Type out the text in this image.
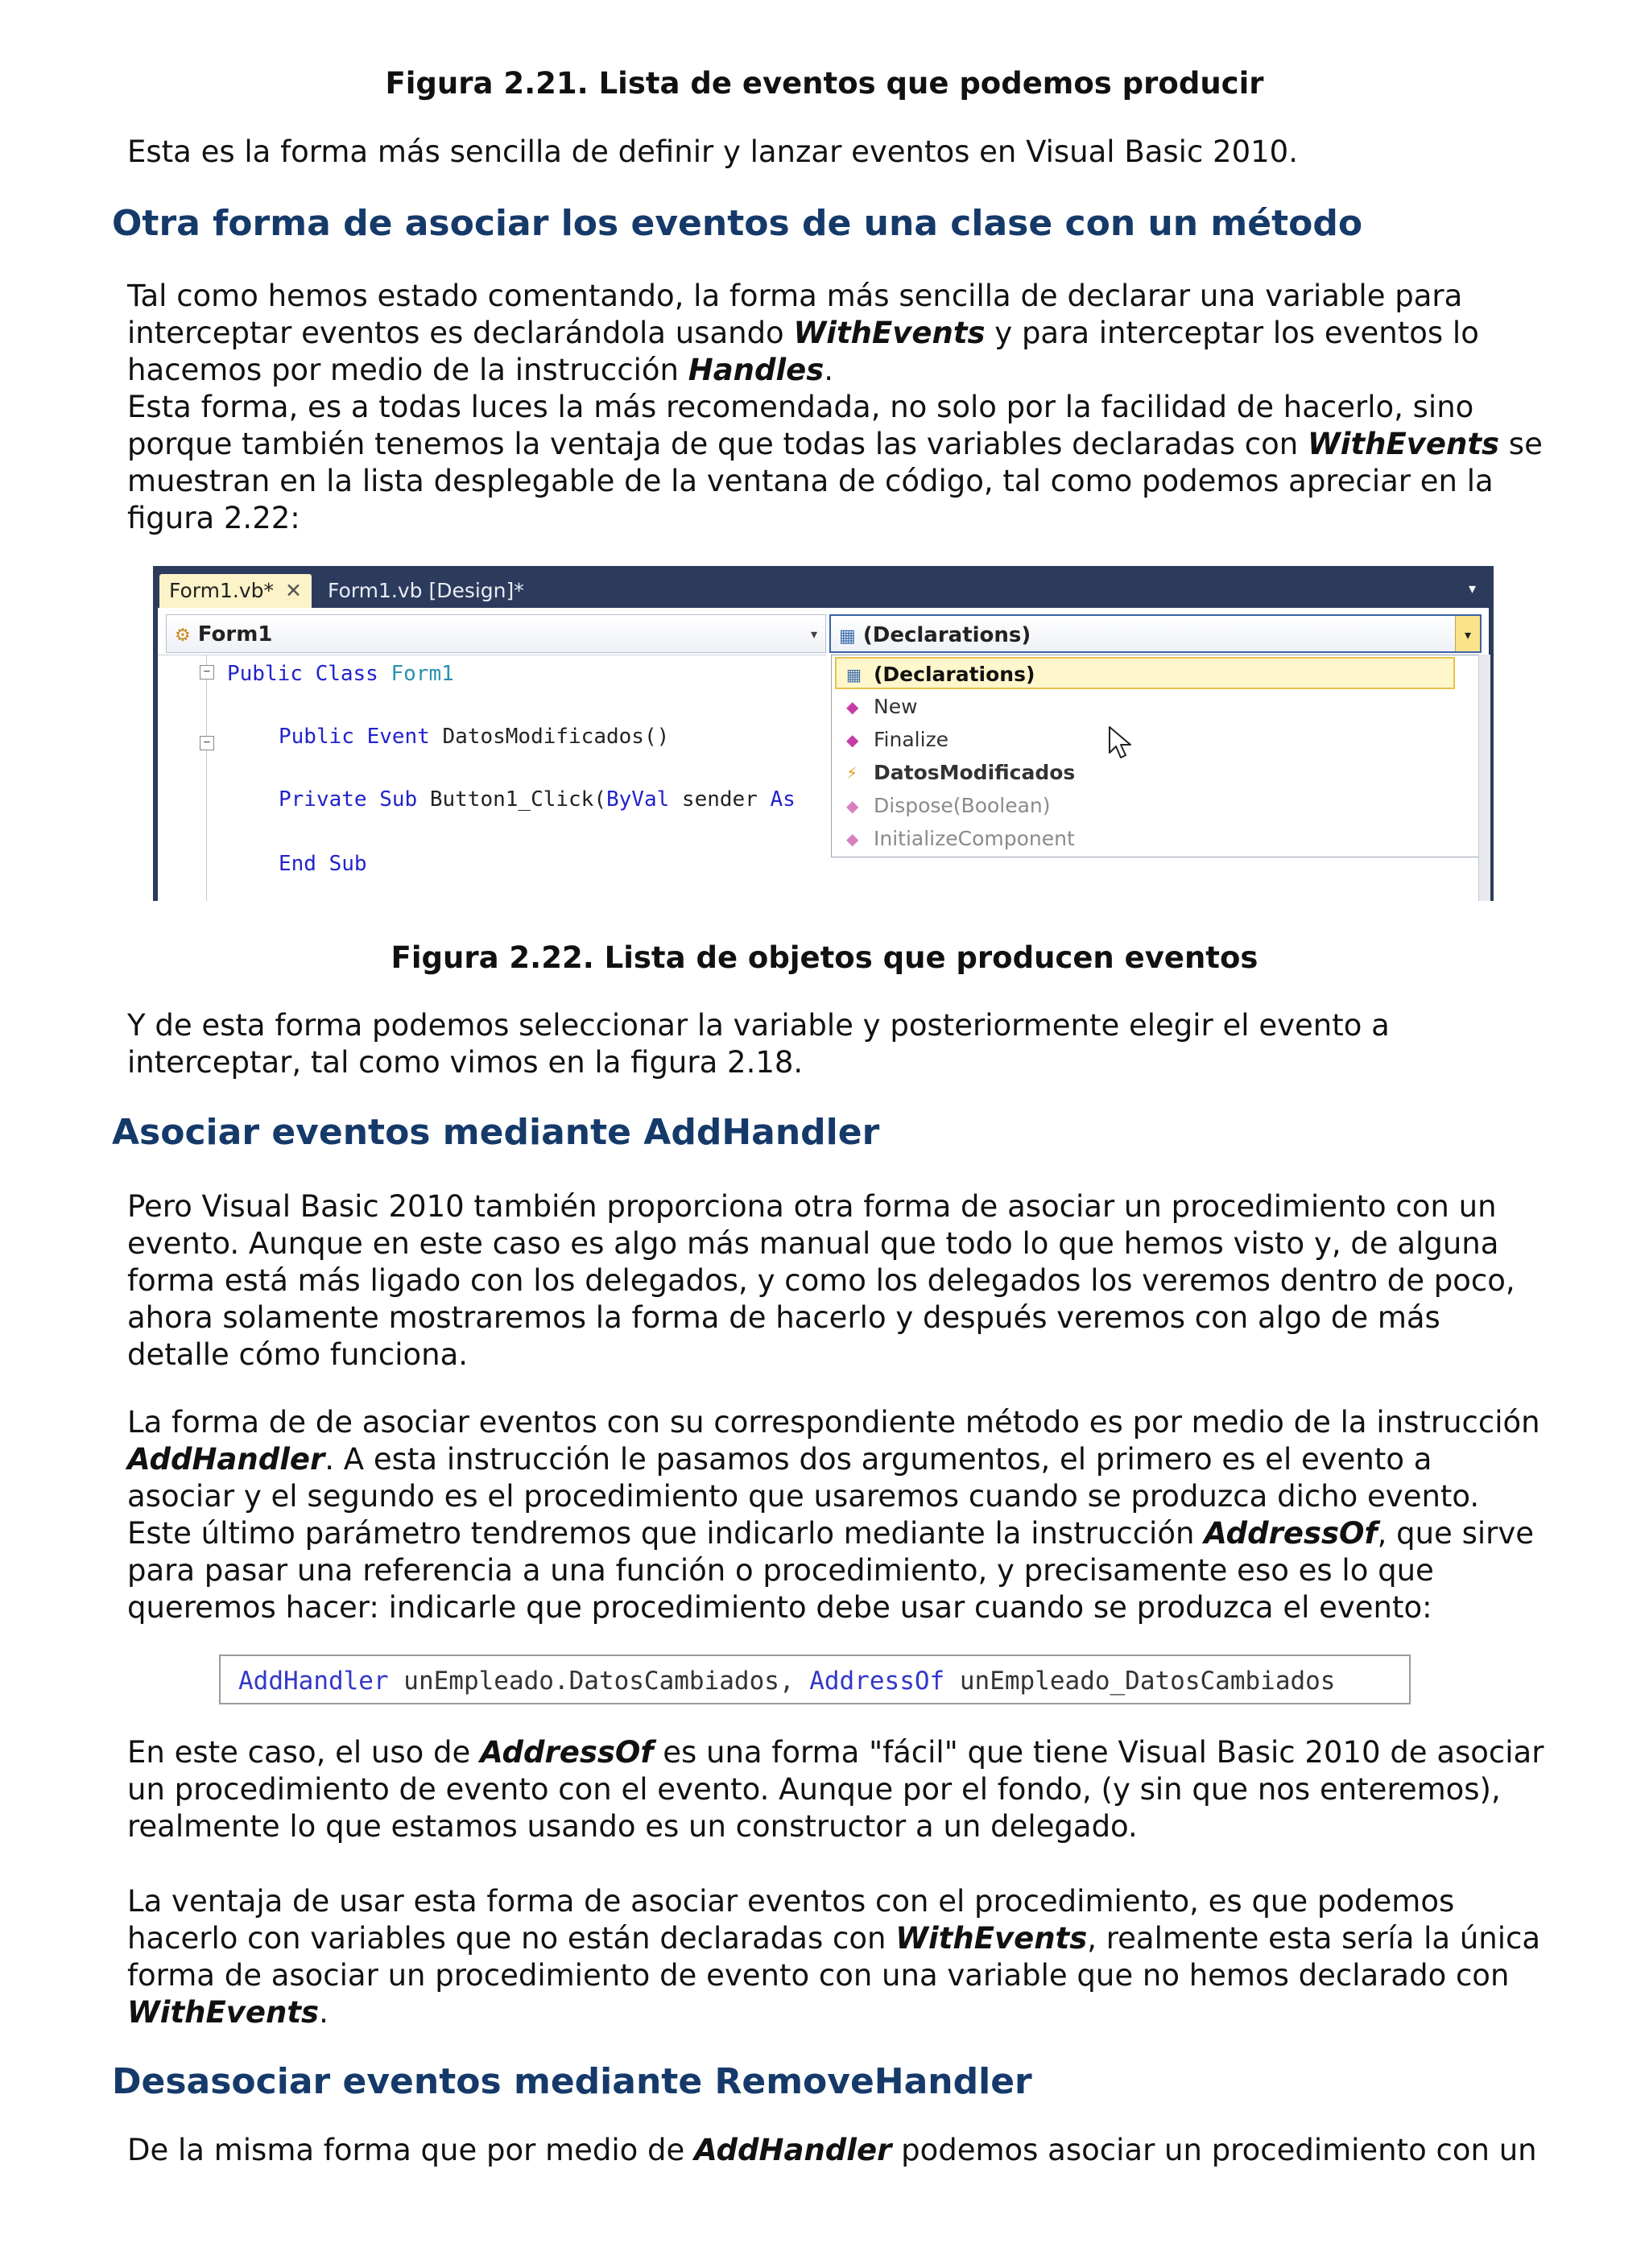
Figura 2.21. Lista de eventos que podemos producir

Esta es la forma más sencilla de definir y lanzar eventos en Visual Basic 2010.

Otra forma de asociar los eventos de una clase con un método

Tal como hemos estado comentando, la forma más sencilla de declarar una variable para interceptar eventos es declarándola usando WithEvents y para interceptar los eventos lo hacemos por medio de la instrucción Handles.

Esta forma, es a todas luces la más recomendada, no solo por la facilidad de hacerlo, sino porque también tenemos la ventaja de que todas las variables declaradas con WithEvents se muestran en la lista desplegable de la ventana de código, tal como podemos apreciar en la figura 2.22:

Form1.vb* ✕	Form1.vb [Design]*	▾
⚙ Form1	▾	▦ (Declarations)	▾
−
−
Public Class Form1
Public Event DatosModificados()
Private Sub Button1_Click(ByVal sender As
End Sub
▦ (Declarations)
◆ New
◆ Finalize
⚡ DatosModificados
◆ Dispose(Boolean)
◆ InitializeComponent
Figura 2.22. Lista de objetos que producen eventos

Y de esta forma podemos seleccionar la variable y posteriormente elegir el evento a interceptar, tal como vimos en la figura 2.18.

Asociar eventos mediante AddHandler

Pero Visual Basic 2010 también proporciona otra forma de asociar un procedimiento con un evento. Aunque en este caso es algo más manual que todo lo que hemos visto y, de alguna forma está más ligado con los delegados, y como los delegados los veremos dentro de poco, ahora solamente mostraremos la forma de hacerlo y después veremos con algo de más detalle cómo funciona.

La forma de de asociar eventos con su correspondiente método es por medio de la instrucción AddHandler. A esta instrucción le pasamos dos argumentos, el primero es el evento a asociar y el segundo es el procedimiento que usaremos cuando se produzca dicho evento. Este último parámetro tendremos que indicarlo mediante la instrucción AddressOf, que sirve para pasar una referencia a una función o procedimiento, y precisamente eso es lo que queremos hacer: indicarle que procedimiento debe usar cuando se produzca el evento:

AddHandler unEmpleado.DatosCambiados, AddressOf unEmpleado_DatosCambiados

En este caso, el uso de AddressOf es una forma "fácil" que tiene Visual Basic 2010 de asociar un procedimiento de evento con el evento. Aunque por el fondo, (y sin que nos enteremos), realmente lo que estamos usando es un constructor a un delegado.

La ventaja de usar esta forma de asociar eventos con el procedimiento, es que podemos hacerlo con variables que no están declaradas con WithEvents, realmente esta sería la única forma de asociar un procedimiento de evento con una variable que no hemos declarado con WithEvents.

Desasociar eventos mediante RemoveHandler

De la misma forma que por medio de AddHandler podemos asociar un procedimiento con un
